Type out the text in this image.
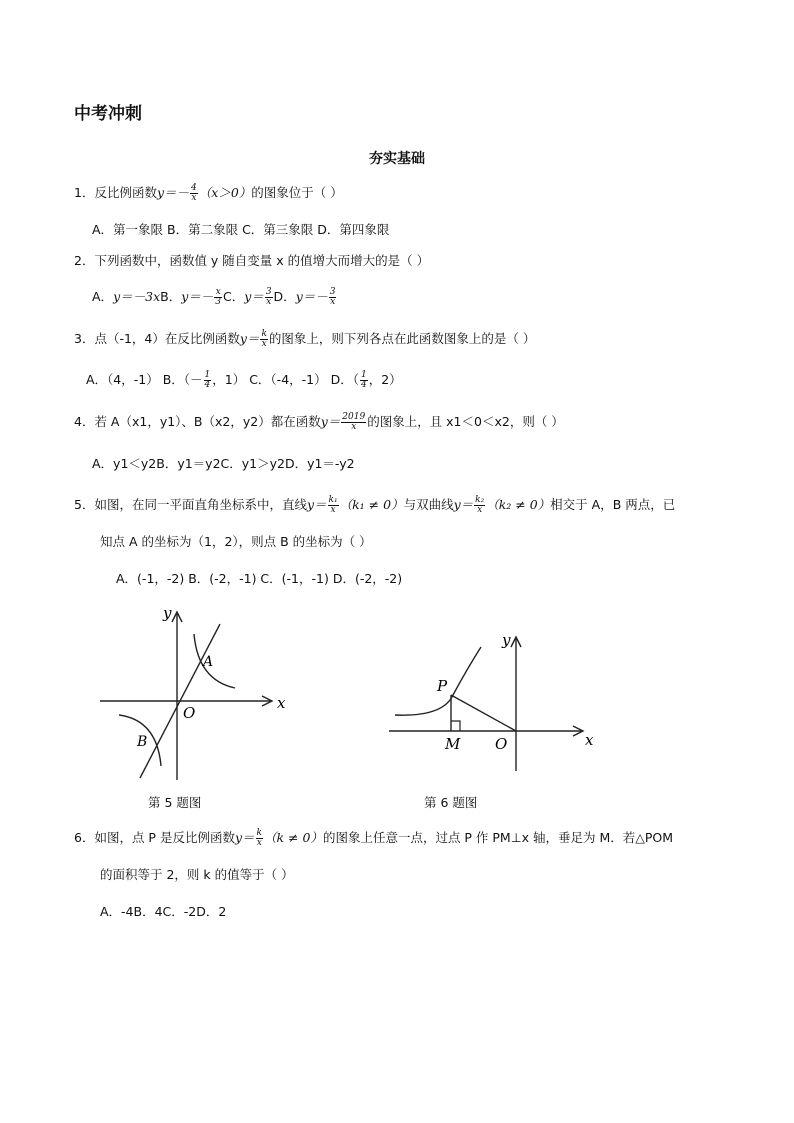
中考冲刺
夯实基础
1．反比例函数$y=- \frac{4}{x} (x>0)$的图象位于（ ）
A．第一象限 B．第二象限 C．第三象限 D．第四象限
2．下列函数中，函数值 y 随自变量 x 的值增大而增大的是（ ）
A．y＝－3xB．$y=- \frac{x}{3}$ C．$y= \frac{3}{x}$ D．$y=- \frac{3}{x}$
3．点（-1，4）在反比例函数$y= \frac{k}{x}$ 的图象上，则下列各点在此函数图象上的是（ ）
A．（4，-1） B．（－ $\frac{1}{4}$ ，1） C．（-4，-1） D．（ $\frac{1}{4}$ ，2）
4．若 A（x1，y1）、B（x2，y2）都在函数$y= \frac{2019}{x}$ 的图象上，且 x1＜0＜x2，则（ ）
A．y1＜y2B．y1＝y2C．y1＞y2D．y1＝-y2
5．如图，在同一平面直角坐标系中，直线$y= \frac{\text{k₁}}{x} (k_1 \ne 0)$与双曲线$y= \frac{\text{k₂}}{x} (k_2 \ne 0)$相交于 A，B 两点，已
知点 A 的坐标为（1，2），则点 B 的坐标为（ ）
A．(-1，-2) B．(-2，-1) C．(-1，-1) D．(-2，-2)
y
x
O
A
B
第 5 题图
y
x
O
P
M
第 6 题图
6．如图，点 P 是反比例函数$y= \frac{k}{x} (k \ne 0)$的图象上任意一点，过点 P 作 PM⊥x 轴，垂足为 M．若△POM
的面积等于 2，则 k 的值等于（ ）
A．-4B．4C．-2D．2
